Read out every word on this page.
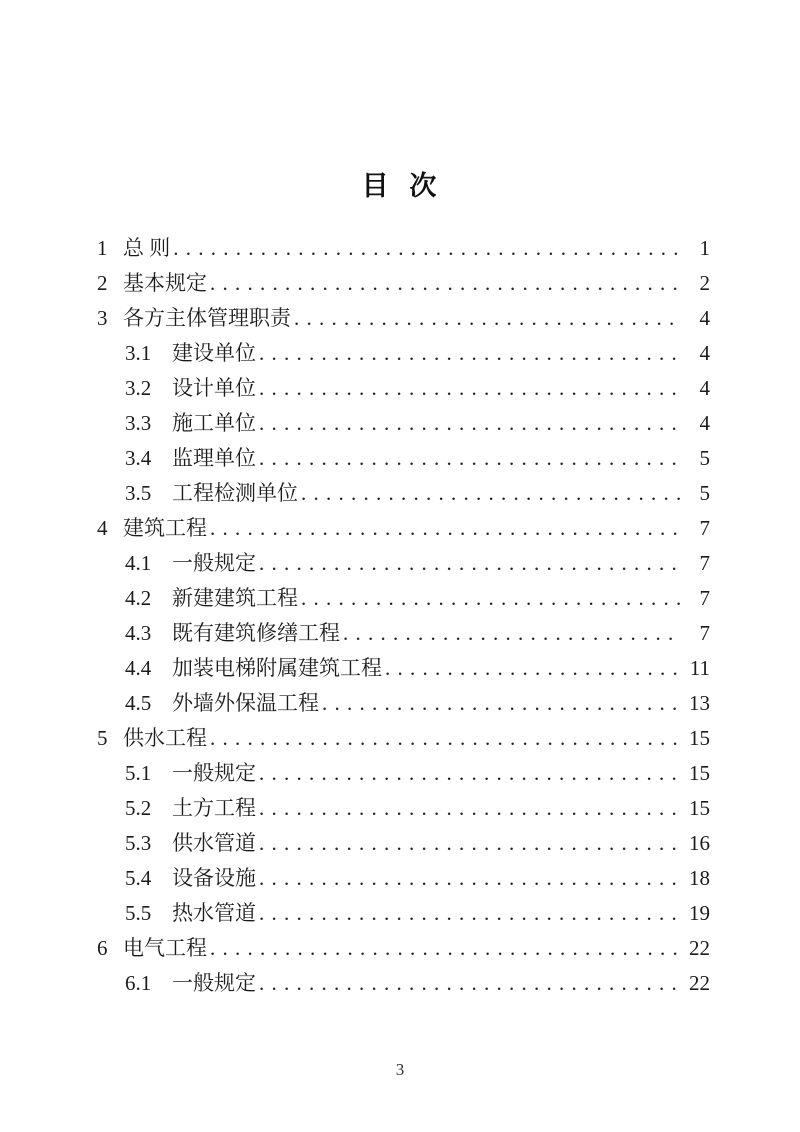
目 次
1 总 则 . . .	1
2 基本规定 . . .	2
3 各方主体管理职责 . . .	4
3.1 建设单位 . . .	4
3.2 设计单位 . . .	4
3.3 施工单位 . . .	4
3.4 监理单位 . . .	5
3.5 工程检测单位 . . .	5
4 建筑工程 . . .	7
4.1 一般规定 . . .	7
4.2 新建建筑工程 . . .	7
4.3 既有建筑修缮工程 . . .	7
4.4 加装电梯附属建筑工程 . . .	11
4.5 外墙外保温工程 . . .	13
5 供水工程 . . .	15
5.1 一般规定 . . .	15
5.2 土方工程 . . .	15
5.3 供水管道 . . .	16
5.4 设备设施 . . .	18
5.5 热水管道 . . .	19
6 电气工程 . . .	22
6.1 一般规定 . . .	22
3
